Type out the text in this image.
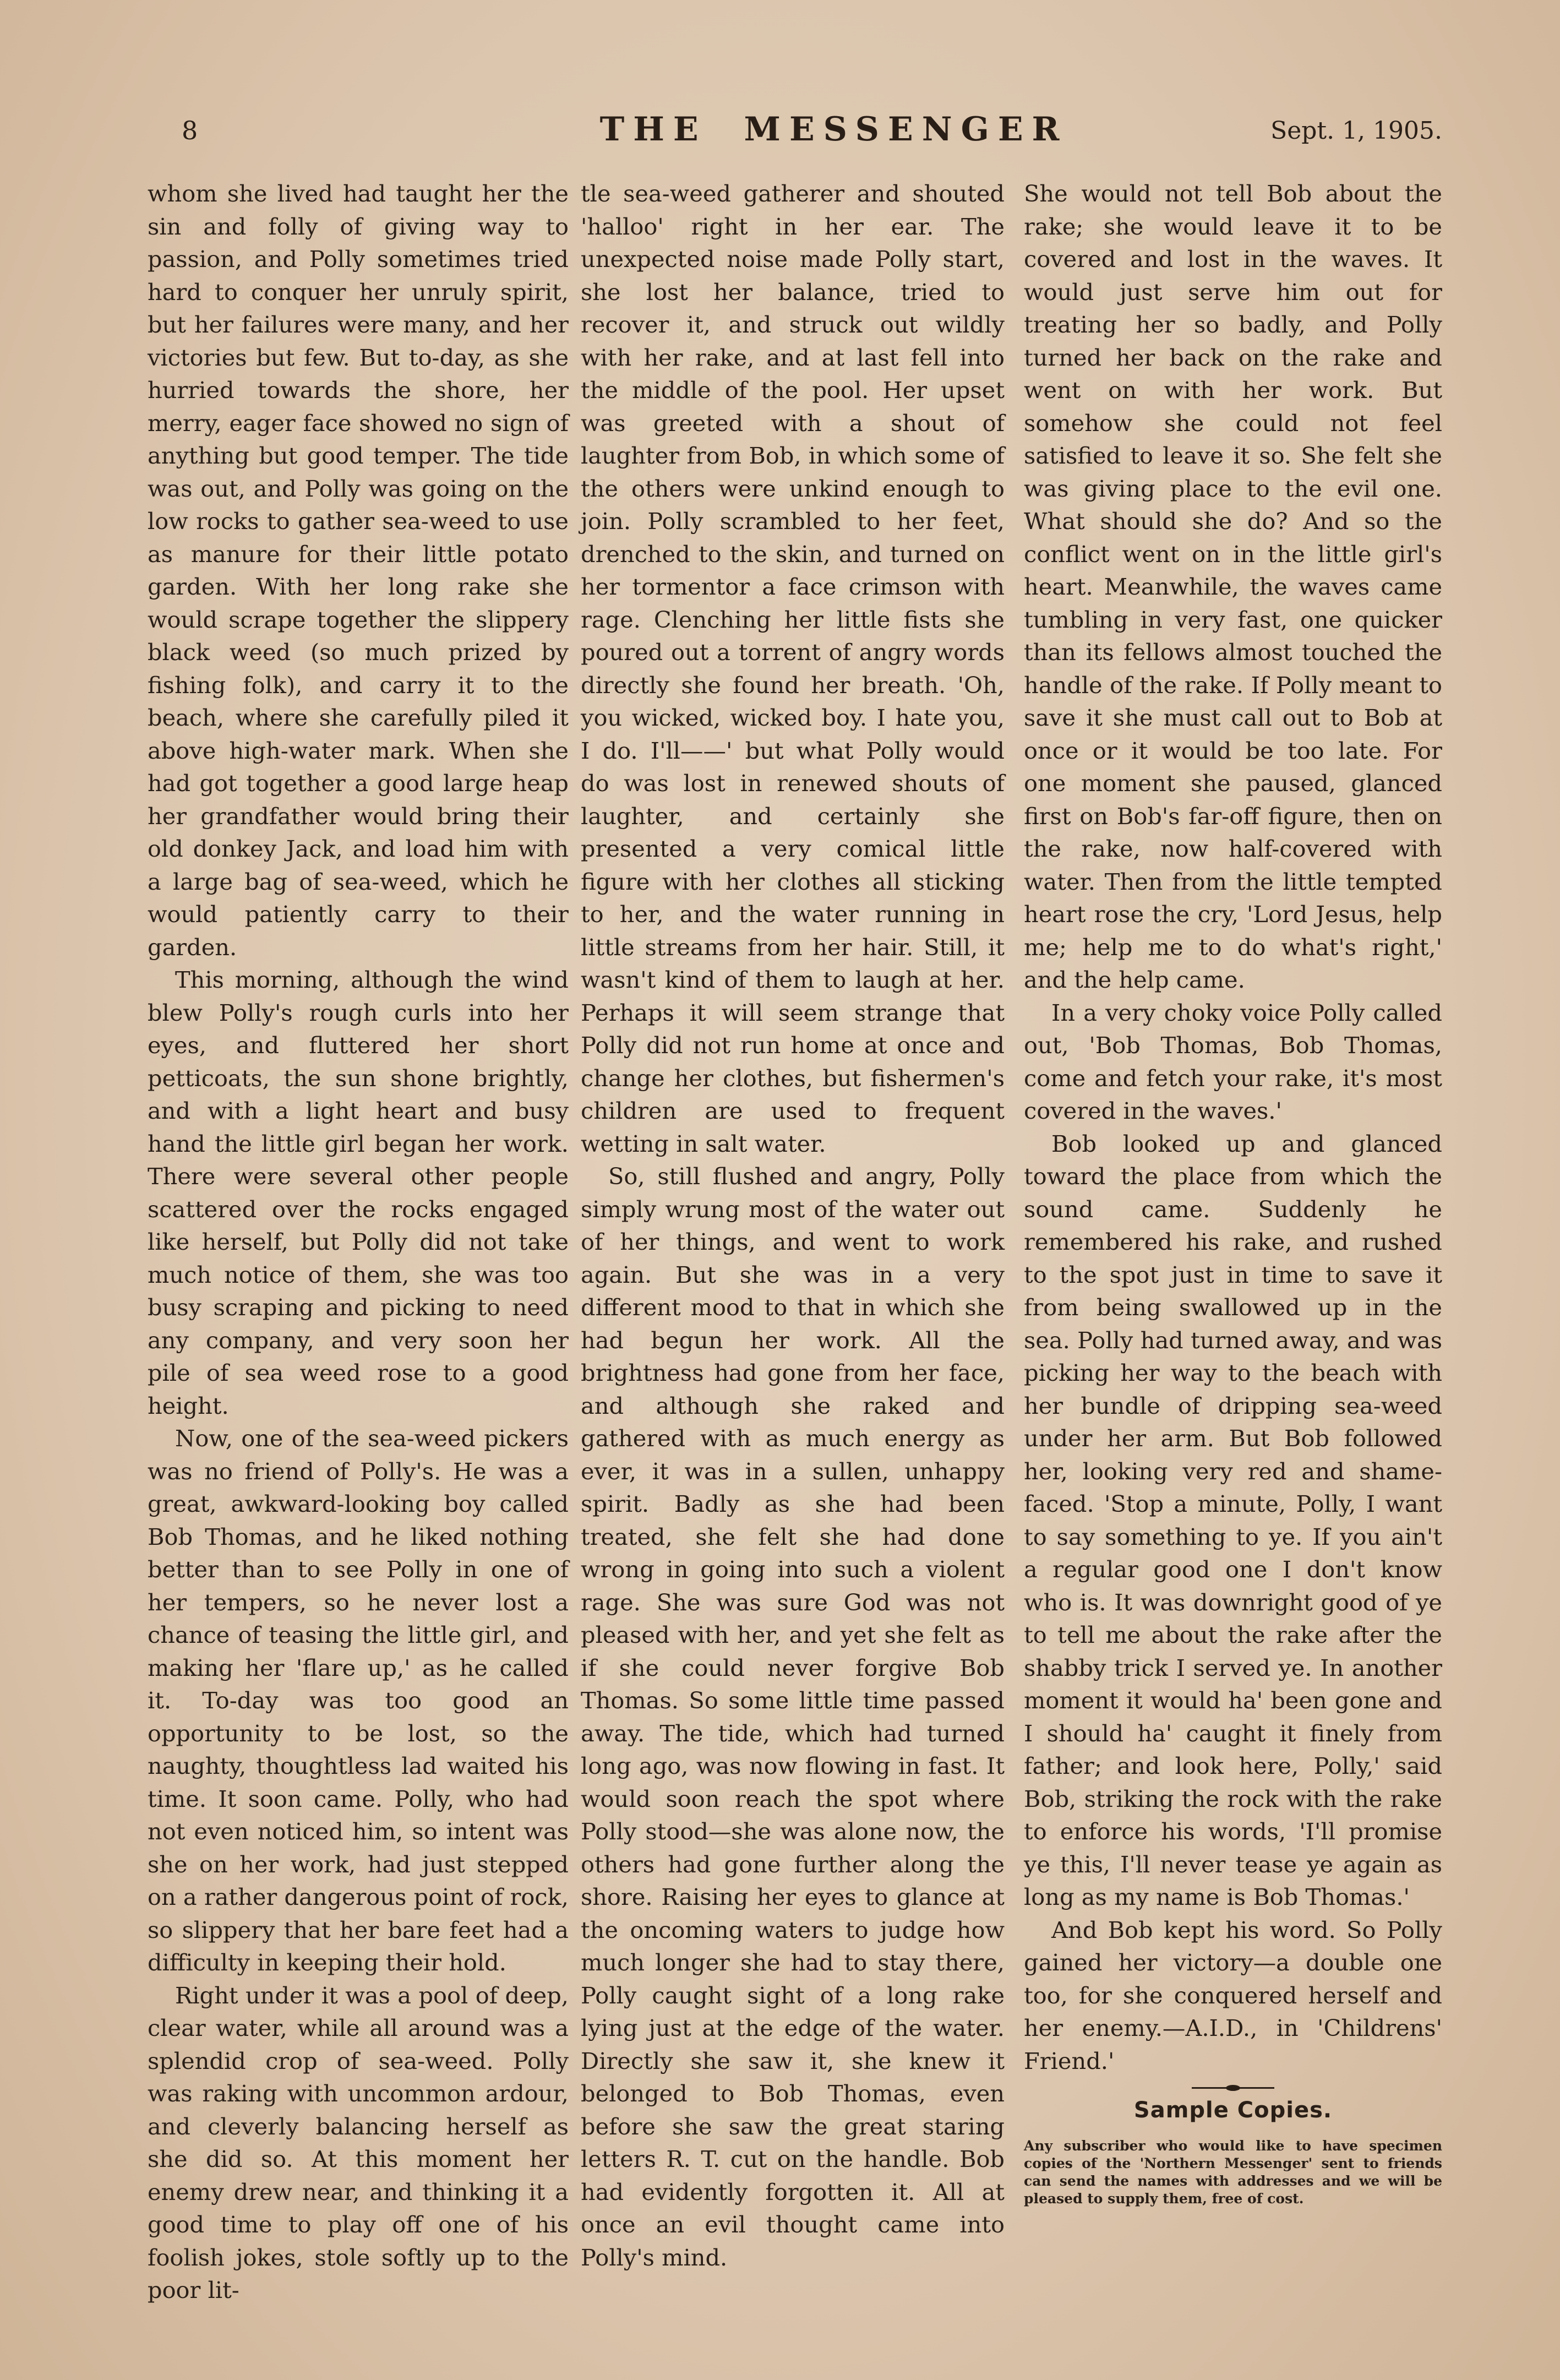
8	THE MESSENGER	Sept. 1, 1905.

whom she lived had taught her the sin and folly of giving way to passion, and Polly sometimes tried hard to conquer her unruly spirit, but her failures were many, and her victories but few. But to-day, as she hurried towards the shore, her merry, eager face showed no sign of anything but good temper. The tide was out, and Polly was going on the low rocks to gather sea-weed to use as manure for their little potato garden. With her long rake she would scrape together the slippery black weed (so much prized by fishing folk), and carry it to the beach, where she carefully piled it above high-water mark. When she had got together a good large heap her grandfather would bring their old donkey Jack, and load him with a large bag of sea-weed, which he would patiently carry to their garden.

This morning, although the wind blew Polly's rough curls into her eyes, and fluttered her short petticoats, the sun shone brightly, and with a light heart and busy hand the little girl began her work. There were several other people scattered over the rocks engaged like herself, but Polly did not take much notice of them, she was too busy scraping and picking to need any company, and very soon her pile of sea weed rose to a good height.

Now, one of the sea-weed pickers was no friend of Polly's. He was a great, awkward-looking boy called Bob Thomas, and he liked nothing better than to see Polly in one of her tempers, so he never lost a chance of teasing the little girl, and making her 'flare up,' as he called it. To-day was too good an opportunity to be lost, so the naughty, thoughtless lad waited his time. It soon came. Polly, who had not even noticed him, so intent was she on her work, had just stepped on a rather dangerous point of rock, so slippery that her bare feet had a difficulty in keeping their hold.

Right under it was a pool of deep, clear water, while all around was a splendid crop of sea-weed. Polly was raking with uncommon ardour, and cleverly balancing herself as she did so. At this moment her enemy drew near, and thinking it a good time to play off one of his foolish jokes, stole softly up to the poor lit-

tle sea-weed gatherer and shouted 'halloo' right in her ear. The unexpected noise made Polly start, she lost her balance, tried to recover it, and struck out wildly with her rake, and at last fell into the middle of the pool. Her upset was greeted with a shout of laughter from Bob, in which some of the others were unkind enough to join. Polly scrambled to her feet, drenched to the skin, and turned on her tormentor a face crimson with rage. Clenching her little fists she poured out a torrent of angry words directly she found her breath. 'Oh, you wicked, wicked boy. I hate you, I do. I'll——' but what Polly would do was lost in renewed shouts of laughter, and certainly she presented a very comical little figure with her clothes all sticking to her, and the water running in little streams from her hair. Still, it wasn't kind of them to laugh at her. Perhaps it will seem strange that Polly did not run home at once and change her clothes, but fishermen's children are used to frequent wetting in salt water.

So, still flushed and angry, Polly simply wrung most of the water out of her things, and went to work again. But she was in a very different mood to that in which she had begun her work. All the brightness had gone from her face, and although she raked and gathered with as much energy as ever, it was in a sullen, unhappy spirit. Badly as she had been treated, she felt she had done wrong in going into such a violent rage. She was sure God was not pleased with her, and yet she felt as if she could never forgive Bob Thomas. So some little time passed away. The tide, which had turned long ago, was now flowing in fast. It would soon reach the spot where Polly stood—she was alone now, the others had gone further along the shore. Raising her eyes to glance at the oncoming waters to judge how much longer she had to stay there, Polly caught sight of a long rake lying just at the edge of the water. Directly she saw it, she knew it belonged to Bob Thomas, even before she saw the great staring letters R. T. cut on the handle. Bob had evidently forgotten it. All at once an evil thought came into Polly's mind.

She would not tell Bob about the rake; she would leave it to be covered and lost in the waves. It would just serve him out for treating her so badly, and Polly turned her back on the rake and went on with her work. But somehow she could not feel satisfied to leave it so. She felt she was giving place to the evil one. What should she do? And so the conflict went on in the little girl's heart. Meanwhile, the waves came tumbling in very fast, one quicker than its fellows almost touched the handle of the rake. If Polly meant to save it she must call out to Bob at once or it would be too late. For one moment she paused, glanced first on Bob's far-off figure, then on the rake, now half-covered with water. Then from the little tempted heart rose the cry, 'Lord Jesus, help me; help me to do what's right,' and the help came.

In a very choky voice Polly called out, 'Bob Thomas, Bob Thomas, come and fetch your rake, it's most covered in the waves.'

Bob looked up and glanced toward the place from which the sound came. Suddenly he remembered his rake, and rushed to the spot just in time to save it from being swallowed up in the sea. Polly had turned away, and was picking her way to the beach with her bundle of dripping sea-weed under her arm. But Bob followed her, looking very red and shame-faced. 'Stop a minute, Polly, I want to say something to ye. If you ain't a regular good one I don't know who is. It was downright good of ye to tell me about the rake after the shabby trick I served ye. In another moment it would ha' been gone and I should ha' caught it finely from father; and look here, Polly,' said Bob, striking the rock with the rake to enforce his words, 'I'll promise ye this, I'll never tease ye again as long as my name is Bob Thomas.'

And Bob kept his word. So Polly gained her victory—a double one too, for she conquered herself and her enemy.—A.I.D., in 'Childrens' Friend.'

Sample Copies.

Any subscriber who would like to have specimen copies of the 'Northern Messenger' sent to friends can send the names with addresses and we will be pleased to supply them, free of cost.
